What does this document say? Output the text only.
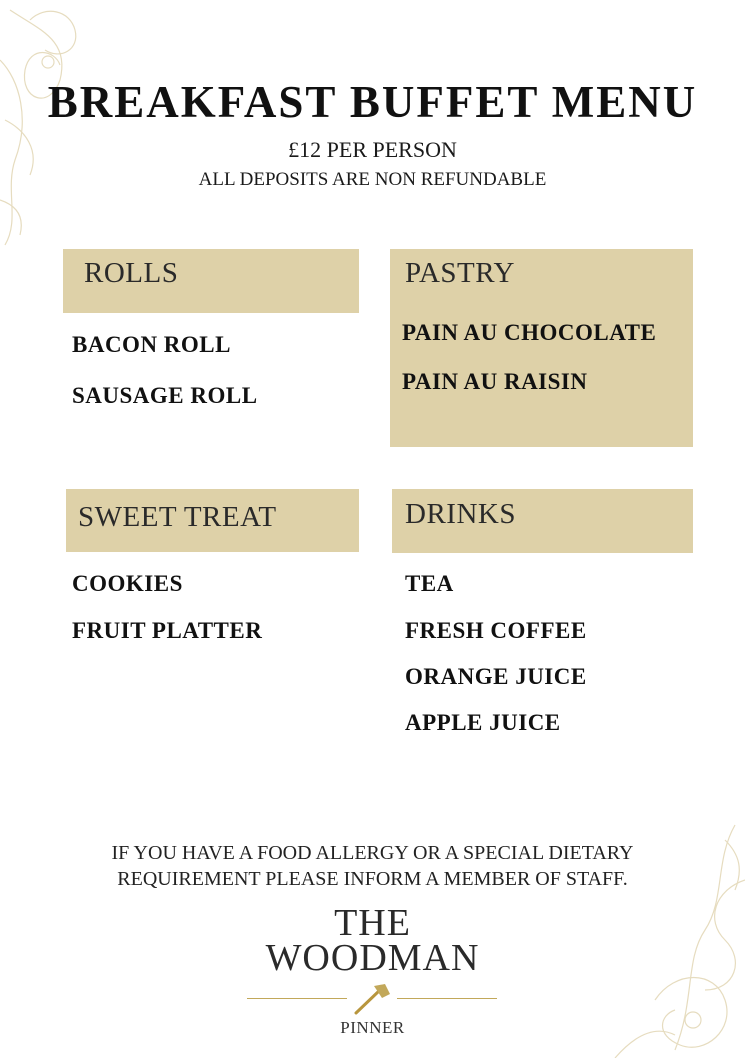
BREAKFAST BUFFET MENU
£12 PER PERSON
ALL DEPOSITS ARE NON REFUNDABLE
ROLLS
BACON ROLL
SAUSAGE ROLL
PASTRY
PAIN AU CHOCOLATE
PAIN AU RAISIN
SWEET TREAT
COOKIES
FRUIT PLATTER
DRINKS
TEA
FRESH COFFEE
ORANGE JUICE
APPLE JUICE
IF YOU HAVE A FOOD ALLERGY OR A SPECIAL DIETARY
REQUIREMENT PLEASE INFORM A MEMBER OF STAFF.
THE
WOODMAN
PINNER
